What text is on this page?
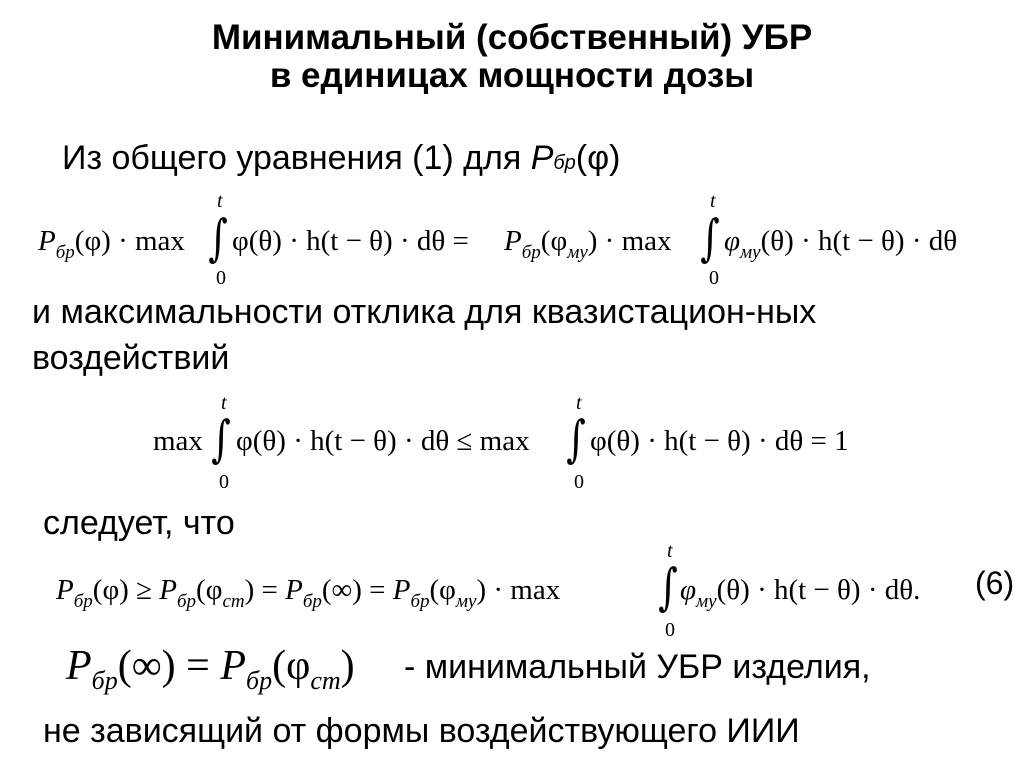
Минимальный (собственный) УБР
в единицах мощности дозы
Из общего уравнения (1) для Pбр(φ)
$P_{бр}(\varphi) \cdot \max$
t
∫
0
$\varphi(\theta) \cdot h(t - \theta) \cdot d\theta = P_{бр}(\varphi_{му}) \cdot \max$
t
∫
0
$\varphi_{му}(\theta) \cdot h(t - \theta) \cdot d\theta$
и максимальности отклика для квазистацион-ных
воздействий
max
t
∫
0
φ(θ) · h(t − θ) · dθ ≤ max
t
∫
0
φ(θ) · h(t − θ) · dθ = 1
следует, что
$P_{бр}(\varphi) \ge P_{бр}(\varphi_{ст}) = P_{бр}(\infty) = P_{бр}(\varphi_{му}) \cdot \max$
t
∫
0
$\varphi_{му}(\theta) \cdot h(t - \theta) \cdot d\theta$. (6)
$P_{бр}(\infty) = P_{бр}(\varphi_{ст})$ - минимальный УБР изделия,
не зависящий от формы воздействующего ИИИ
